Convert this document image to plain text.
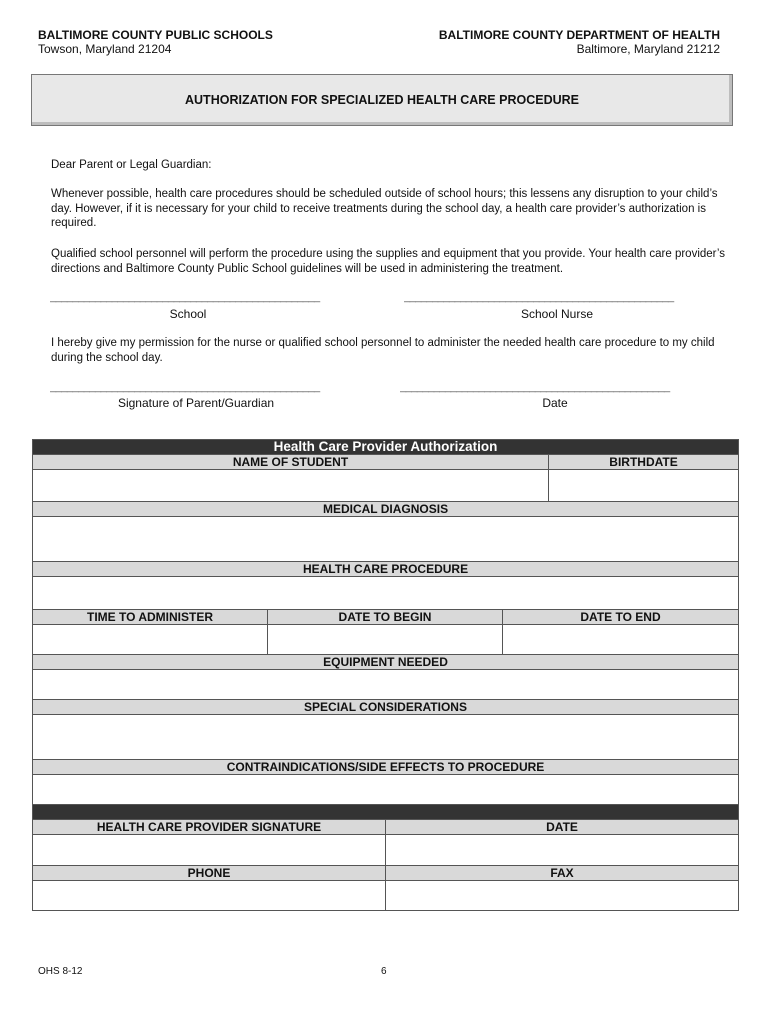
BALTIMORE COUNTY PUBLIC SCHOOLS
Towson, Maryland 21204
BALTIMORE COUNTY DEPARTMENT OF HEALTH
Baltimore, Maryland 21212
AUTHORIZATION FOR SPECIALIZED HEALTH CARE PROCEDURE
Dear Parent or Legal Guardian:
Whenever possible, health care procedures should be scheduled outside of school hours; this lessens any disruption to your child’s day. However, if it is necessary for your child to receive treatments during the school day, a health care provider’s authorization is required.
Qualified school personnel will perform the procedure using the supplies and equipment that you provide. Your health care provider’s directions and Baltimore County Public School guidelines will be used in administering the treatment.
________________________________________________	________________________________________________
School	School Nurse
I hereby give my permission for the nurse or qualified school personnel to administer the needed health care procedure to my child during the school day.
________________________________________________	________________________________________________
Signature of Parent/Guardian	Date
Health Care Provider Authorization				
NAME OF STUDENT				BIRTHDATE

MEDICAL DIAGNOSIS				

HEALTH CARE PROCEDURE				

TIME TO ADMINISTER	DATE TO BEGIN		DATE TO END	

EQUIPMENT NEEDED				

SPECIAL CONSIDERATIONS				

CONTRAINDICATIONS/SIDE EFFECTS TO PROCEDURE				

HEALTH CARE PROVIDER SIGNATURE		DATE		

PHONE		FAX		

OHS 8-12	6
